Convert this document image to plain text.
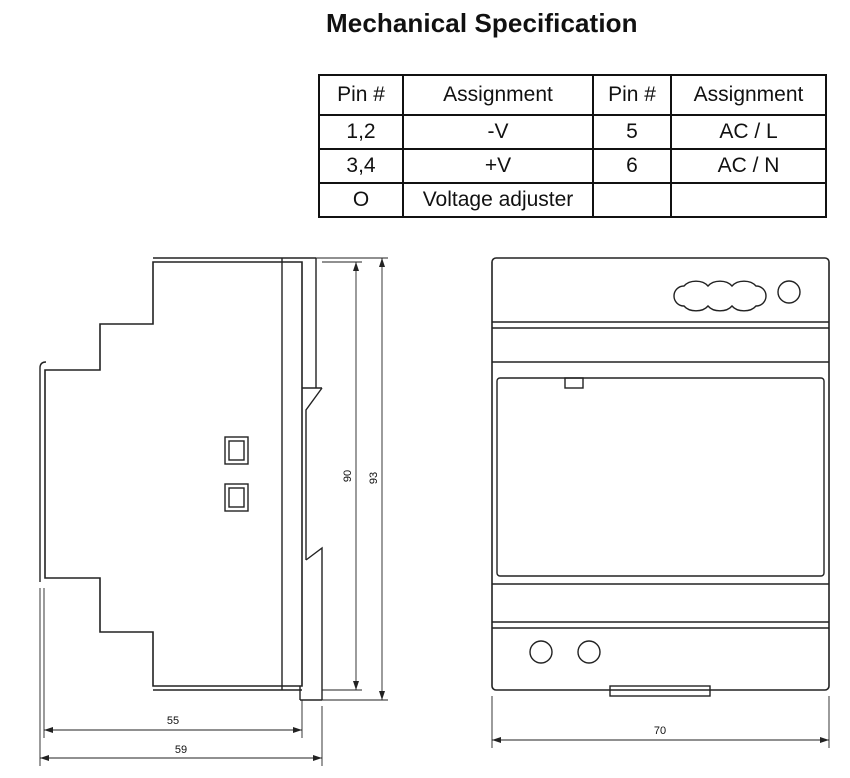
Mechanical Specification
Pin #	Assignment	Pin #	Assignment
1,2	-V	5	AC / L
3,4	+V	6	AC / N
O	Voltage adjuster		
90 93
55
59
70
